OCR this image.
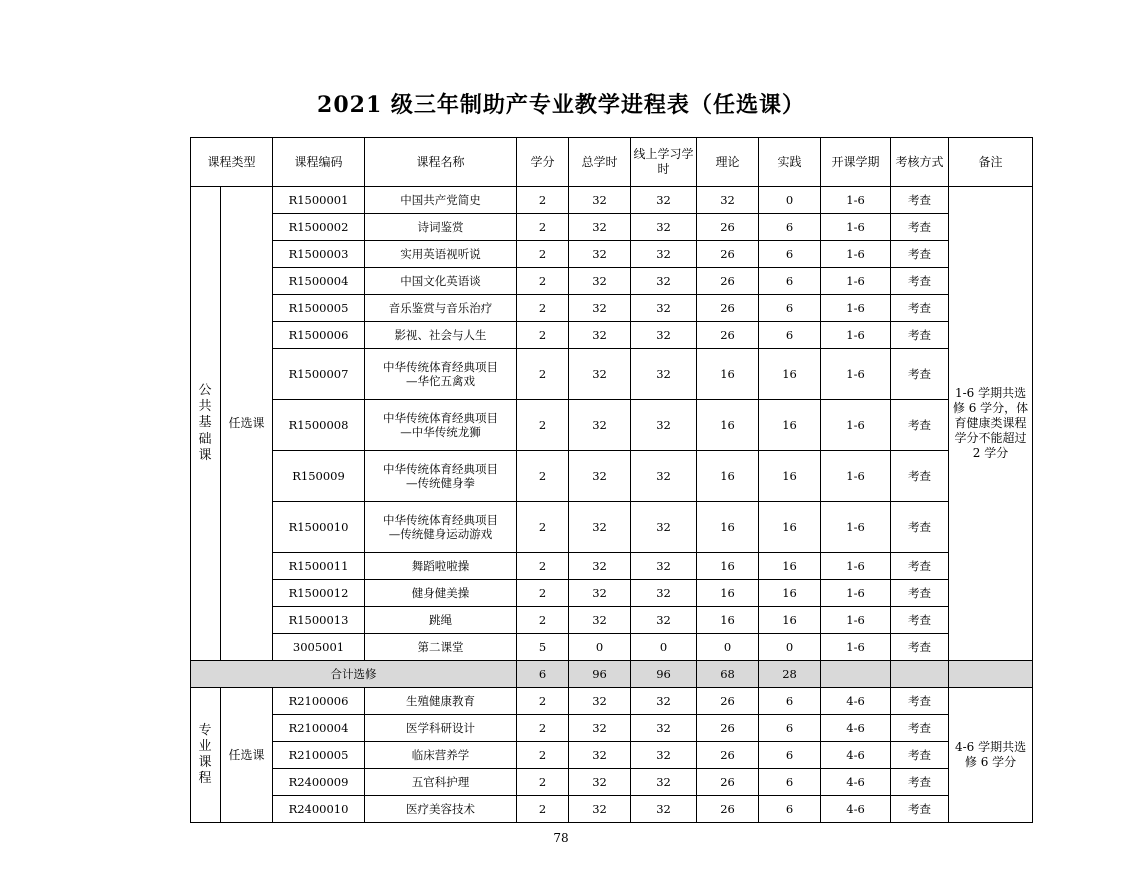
2021 级三年制助产专业教学进程表（任选课）
课程类型		课程编码	课程名称	学分	总学时	线上学习学时	理论	实践	开课学期	考核方式	备注
公共基础课	任选课	R1500001	中国共产党简史	2	32	32	32	0	1-6	考查	1-6 学期共选修 6 学分，体育健康类课程学分不能超过 2 学分
		R1500002	诗词鉴赏	2	32	32	26	6	1-6	考查	
		R1500003	实用英语视听说	2	32	32	26	6	1-6	考查	
		R1500004	中国文化英语谈	2	32	32	26	6	1-6	考查	
		R1500005	音乐鉴赏与音乐治疗	2	32	32	26	6	1-6	考查	
		R1500006	影视、社会与人生	2	32	32	26	6	1-6	考查	
		R1500007	中华传统体育经典项目
—华佗五禽戏	2	32	32	16	16	1-6	考查	
		R1500008	中华传统体育经典项目
—中华传统龙狮	2	32	32	16	16	1-6	考查	
		R150009	中华传统体育经典项目
—传统健身拳	2	32	32	16	16	1-6	考查	
		R1500010	中华传统体育经典项目
—传统健身运动游戏	2	32	32	16	16	1-6	考查	
		R1500011	舞蹈啦啦操	2	32	32	16	16	1-6	考查	
		R1500012	健身健美操	2	32	32	16	16	1-6	考查	
		R1500013	跳绳	2	32	32	16	16	1-6	考查	
		3005001	第二课堂	5	0	0	0	0	1-6	考查	
合计选修				6	96	96	68	28			
专业课程	任选课	R2100006	生殖健康教育	2	32	32	26	6	4-6	考查	4-6 学期共选修 6 学分
		R2100004	医学科研设计	2	32	32	26	6	4-6	考查	
		R2100005	临床营养学	2	32	32	26	6	4-6	考查	
		R2400009	五官科护理	2	32	32	26	6	4-6	考查	
		R2400010	医疗美容技术	2	32	32	26	6	4-6	考查	
78
